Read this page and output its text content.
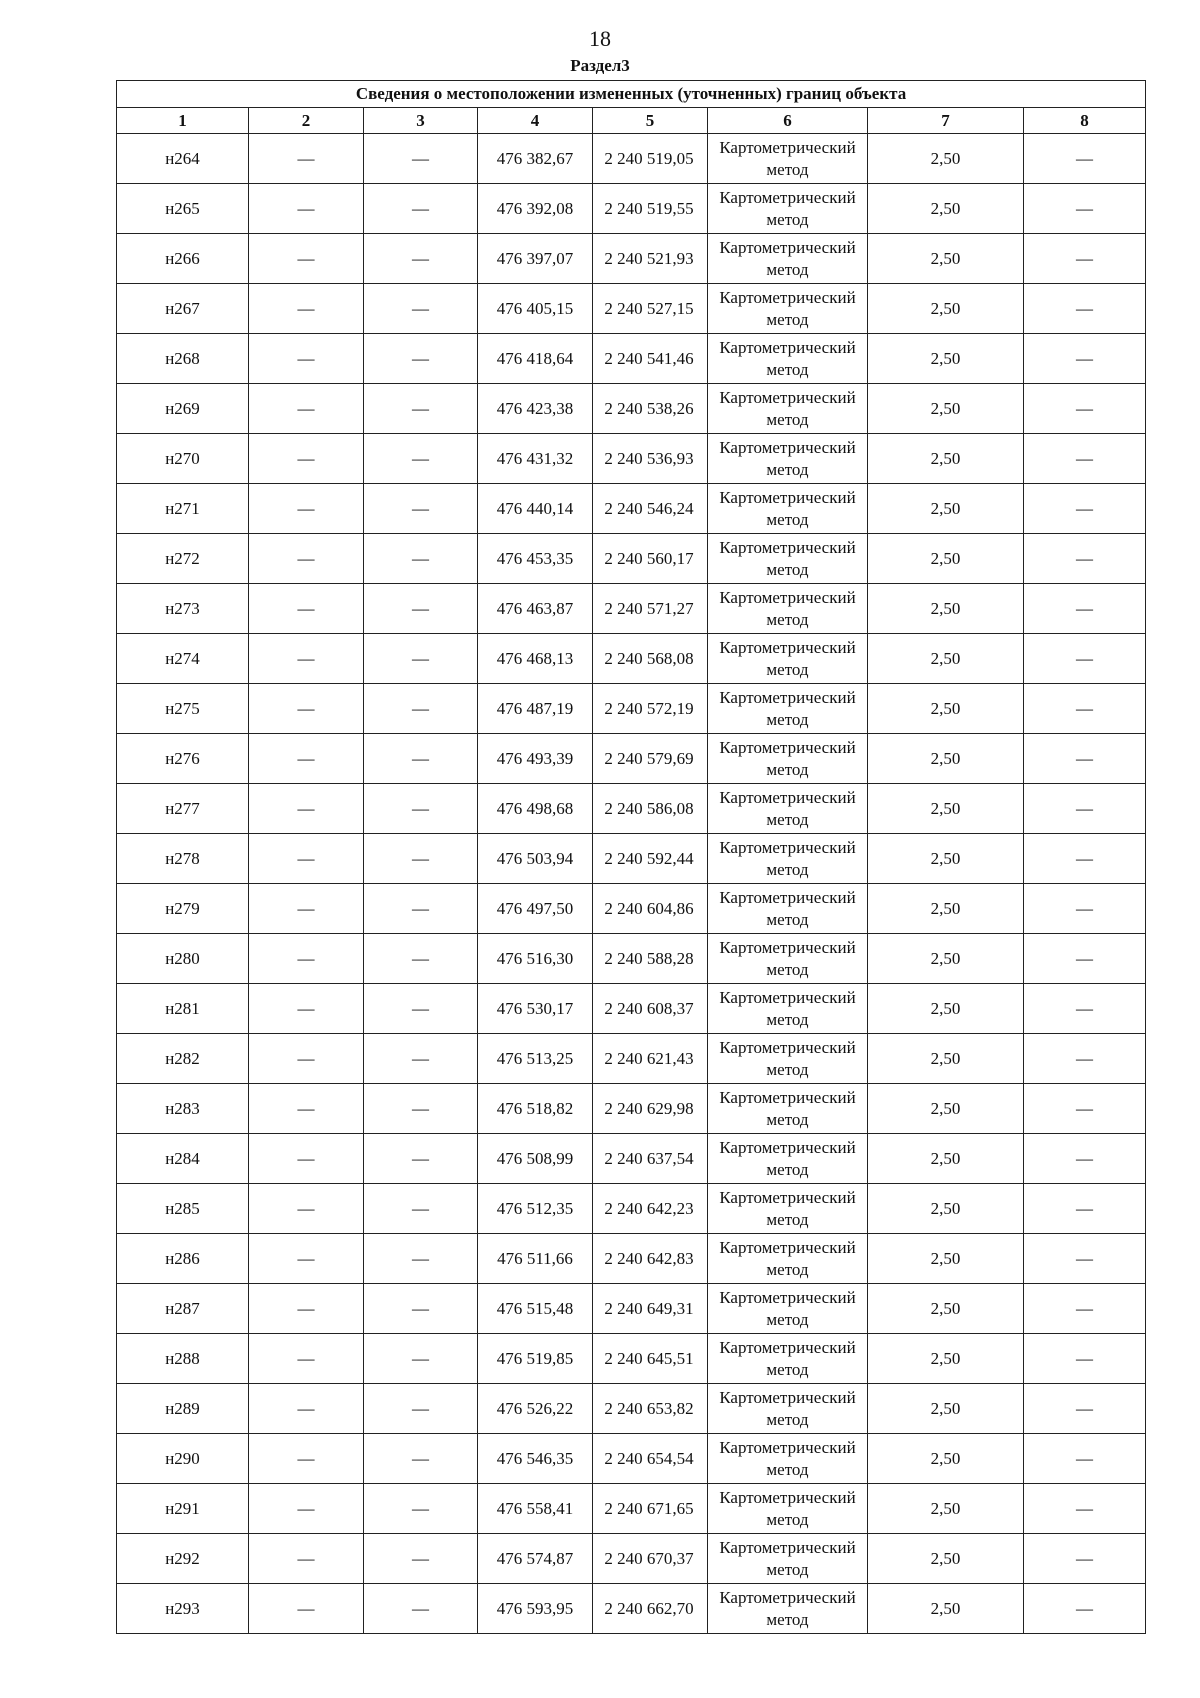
18
Раздел3
Сведения о местоположении измененных (уточненных) границ объекта							
1	2	3	4	5	6	7	8
н264	—	—	476 382,67	2 240 519,05	Картометрический метод	2,50	—
н265	—	—	476 392,08	2 240 519,55	Картометрический метод	2,50	—
н266	—	—	476 397,07	2 240 521,93	Картометрический метод	2,50	—
н267	—	—	476 405,15	2 240 527,15	Картометрический метод	2,50	—
н268	—	—	476 418,64	2 240 541,46	Картометрический метод	2,50	—
н269	—	—	476 423,38	2 240 538,26	Картометрический метод	2,50	—
н270	—	—	476 431,32	2 240 536,93	Картометрический метод	2,50	—
н271	—	—	476 440,14	2 240 546,24	Картометрический метод	2,50	—
н272	—	—	476 453,35	2 240 560,17	Картометрический метод	2,50	—
н273	—	—	476 463,87	2 240 571,27	Картометрический метод	2,50	—
н274	—	—	476 468,13	2 240 568,08	Картометрический метод	2,50	—
н275	—	—	476 487,19	2 240 572,19	Картометрический метод	2,50	—
н276	—	—	476 493,39	2 240 579,69	Картометрический метод	2,50	—
н277	—	—	476 498,68	2 240 586,08	Картометрический метод	2,50	—
н278	—	—	476 503,94	2 240 592,44	Картометрический метод	2,50	—
н279	—	—	476 497,50	2 240 604,86	Картометрический метод	2,50	—
н280	—	—	476 516,30	2 240 588,28	Картометрический метод	2,50	—
н281	—	—	476 530,17	2 240 608,37	Картометрический метод	2,50	—
н282	—	—	476 513,25	2 240 621,43	Картометрический метод	2,50	—
н283	—	—	476 518,82	2 240 629,98	Картометрический метод	2,50	—
н284	—	—	476 508,99	2 240 637,54	Картометрический метод	2,50	—
н285	—	—	476 512,35	2 240 642,23	Картометрический метод	2,50	—
н286	—	—	476 511,66	2 240 642,83	Картометрический метод	2,50	—
н287	—	—	476 515,48	2 240 649,31	Картометрический метод	2,50	—
н288	—	—	476 519,85	2 240 645,51	Картометрический метод	2,50	—
н289	—	—	476 526,22	2 240 653,82	Картометрический метод	2,50	—
н290	—	—	476 546,35	2 240 654,54	Картометрический метод	2,50	—
н291	—	—	476 558,41	2 240 671,65	Картометрический метод	2,50	—
н292	—	—	476 574,87	2 240 670,37	Картометрический метод	2,50	—
н293	—	—	476 593,95	2 240 662,70	Картометрический метод	2,50	—
